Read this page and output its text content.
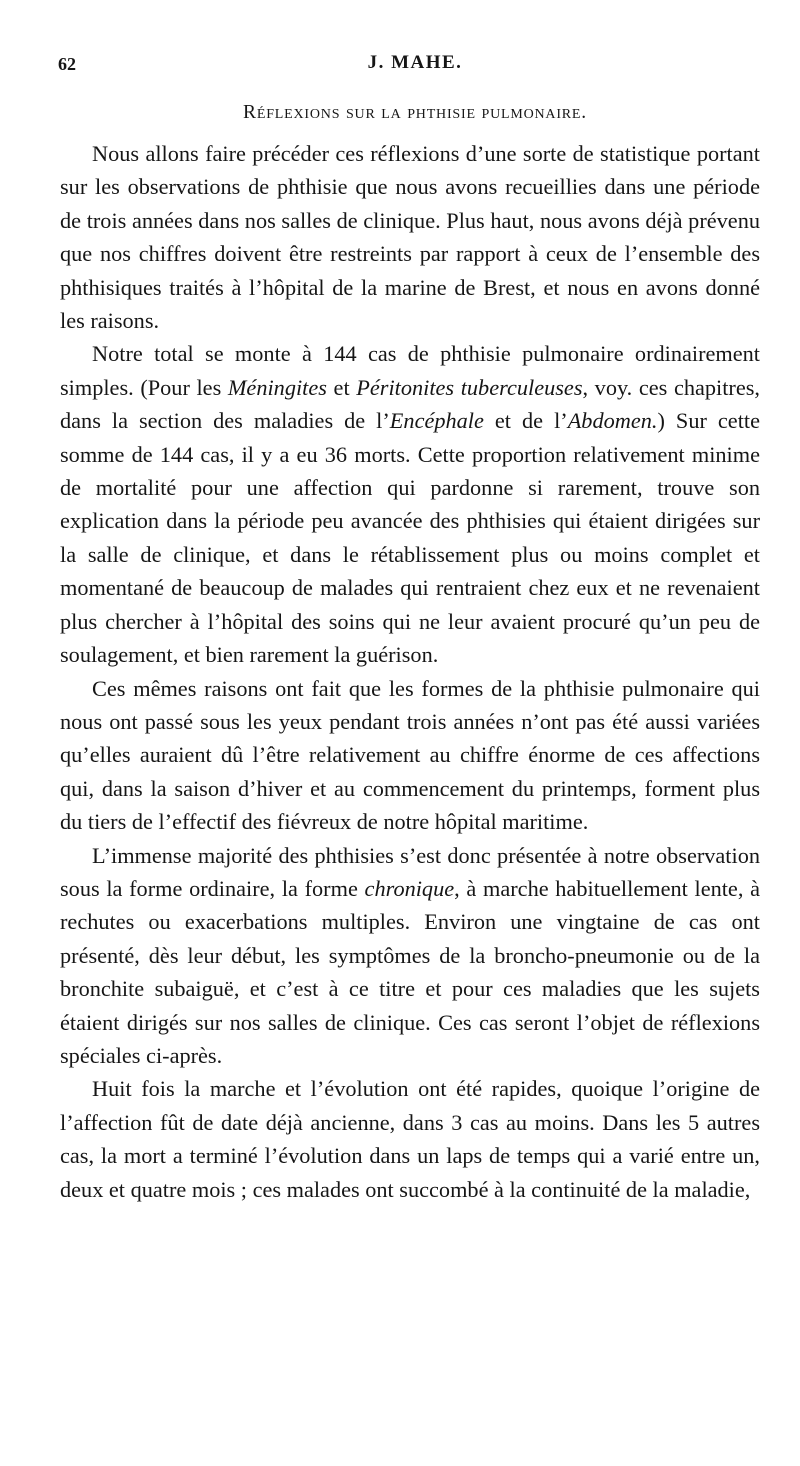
62	J. MAHE.
Réflexions sur la phthisie pulmonaire.

Nous allons faire précéder ces réflexions d’une sorte de statistique portant sur les observations de phthisie que nous avons recueillies dans une période de trois années dans nos salles de clinique. Plus haut, nous avons déjà prévenu que nos chiffres doivent être restreints par rapport à ceux de l’ensemble des phthisiques traités à l’hôpital de la marine de Brest, et nous en avons donné les raisons.

Notre total se monte à 144 cas de phthisie pulmonaire ordinairement simples. (Pour les Méningites et Péritonites tuberculeuses, voy. ces chapitres, dans la section des maladies de l’Encéphale et de l’Abdomen.) Sur cette somme de 144 cas, il y a eu 36 morts. Cette proportion relativement minime de mortalité pour une affection qui pardonne si rarement, trouve son explication dans la période peu avancée des phthisies qui étaient dirigées sur la salle de clinique, et dans le rétablissement plus ou moins complet et momentané de beaucoup de malades qui rentraient chez eux et ne revenaient plus chercher à l’hôpital des soins qui ne leur avaient procuré qu’un peu de soulagement, et bien rarement la guérison.

Ces mêmes raisons ont fait que les formes de la phthisie pulmonaire qui nous ont passé sous les yeux pendant trois années n’ont pas été aussi variées qu’elles auraient dû l’être relativement au chiffre énorme de ces affections qui, dans la saison d’hiver et au commencement du printemps, forment plus du tiers de l’effectif des fiévreux de notre hôpital maritime.

L’immense majorité des phthisies s’est donc présentée à notre observation sous la forme ordinaire, la forme chronique, à marche habituellement lente, à rechutes ou exacerbations multiples. Environ une vingtaine de cas ont présenté, dès leur début, les symptômes de la broncho-pneumonie ou de la bronchite subaiguë, et c’est à ce titre et pour ces maladies que les sujets étaient dirigés sur nos salles de clinique. Ces cas seront l’objet de réflexions spéciales ci-après.

Huit fois la marche et l’évolution ont été rapides, quoique l’origine de l’affection fût de date déjà ancienne, dans 3 cas au moins. Dans les 5 autres cas, la mort a terminé l’évolution dans un laps de temps qui a varié entre un, deux et quatre mois ; ces malades ont succombé à la continuité de la maladie,
